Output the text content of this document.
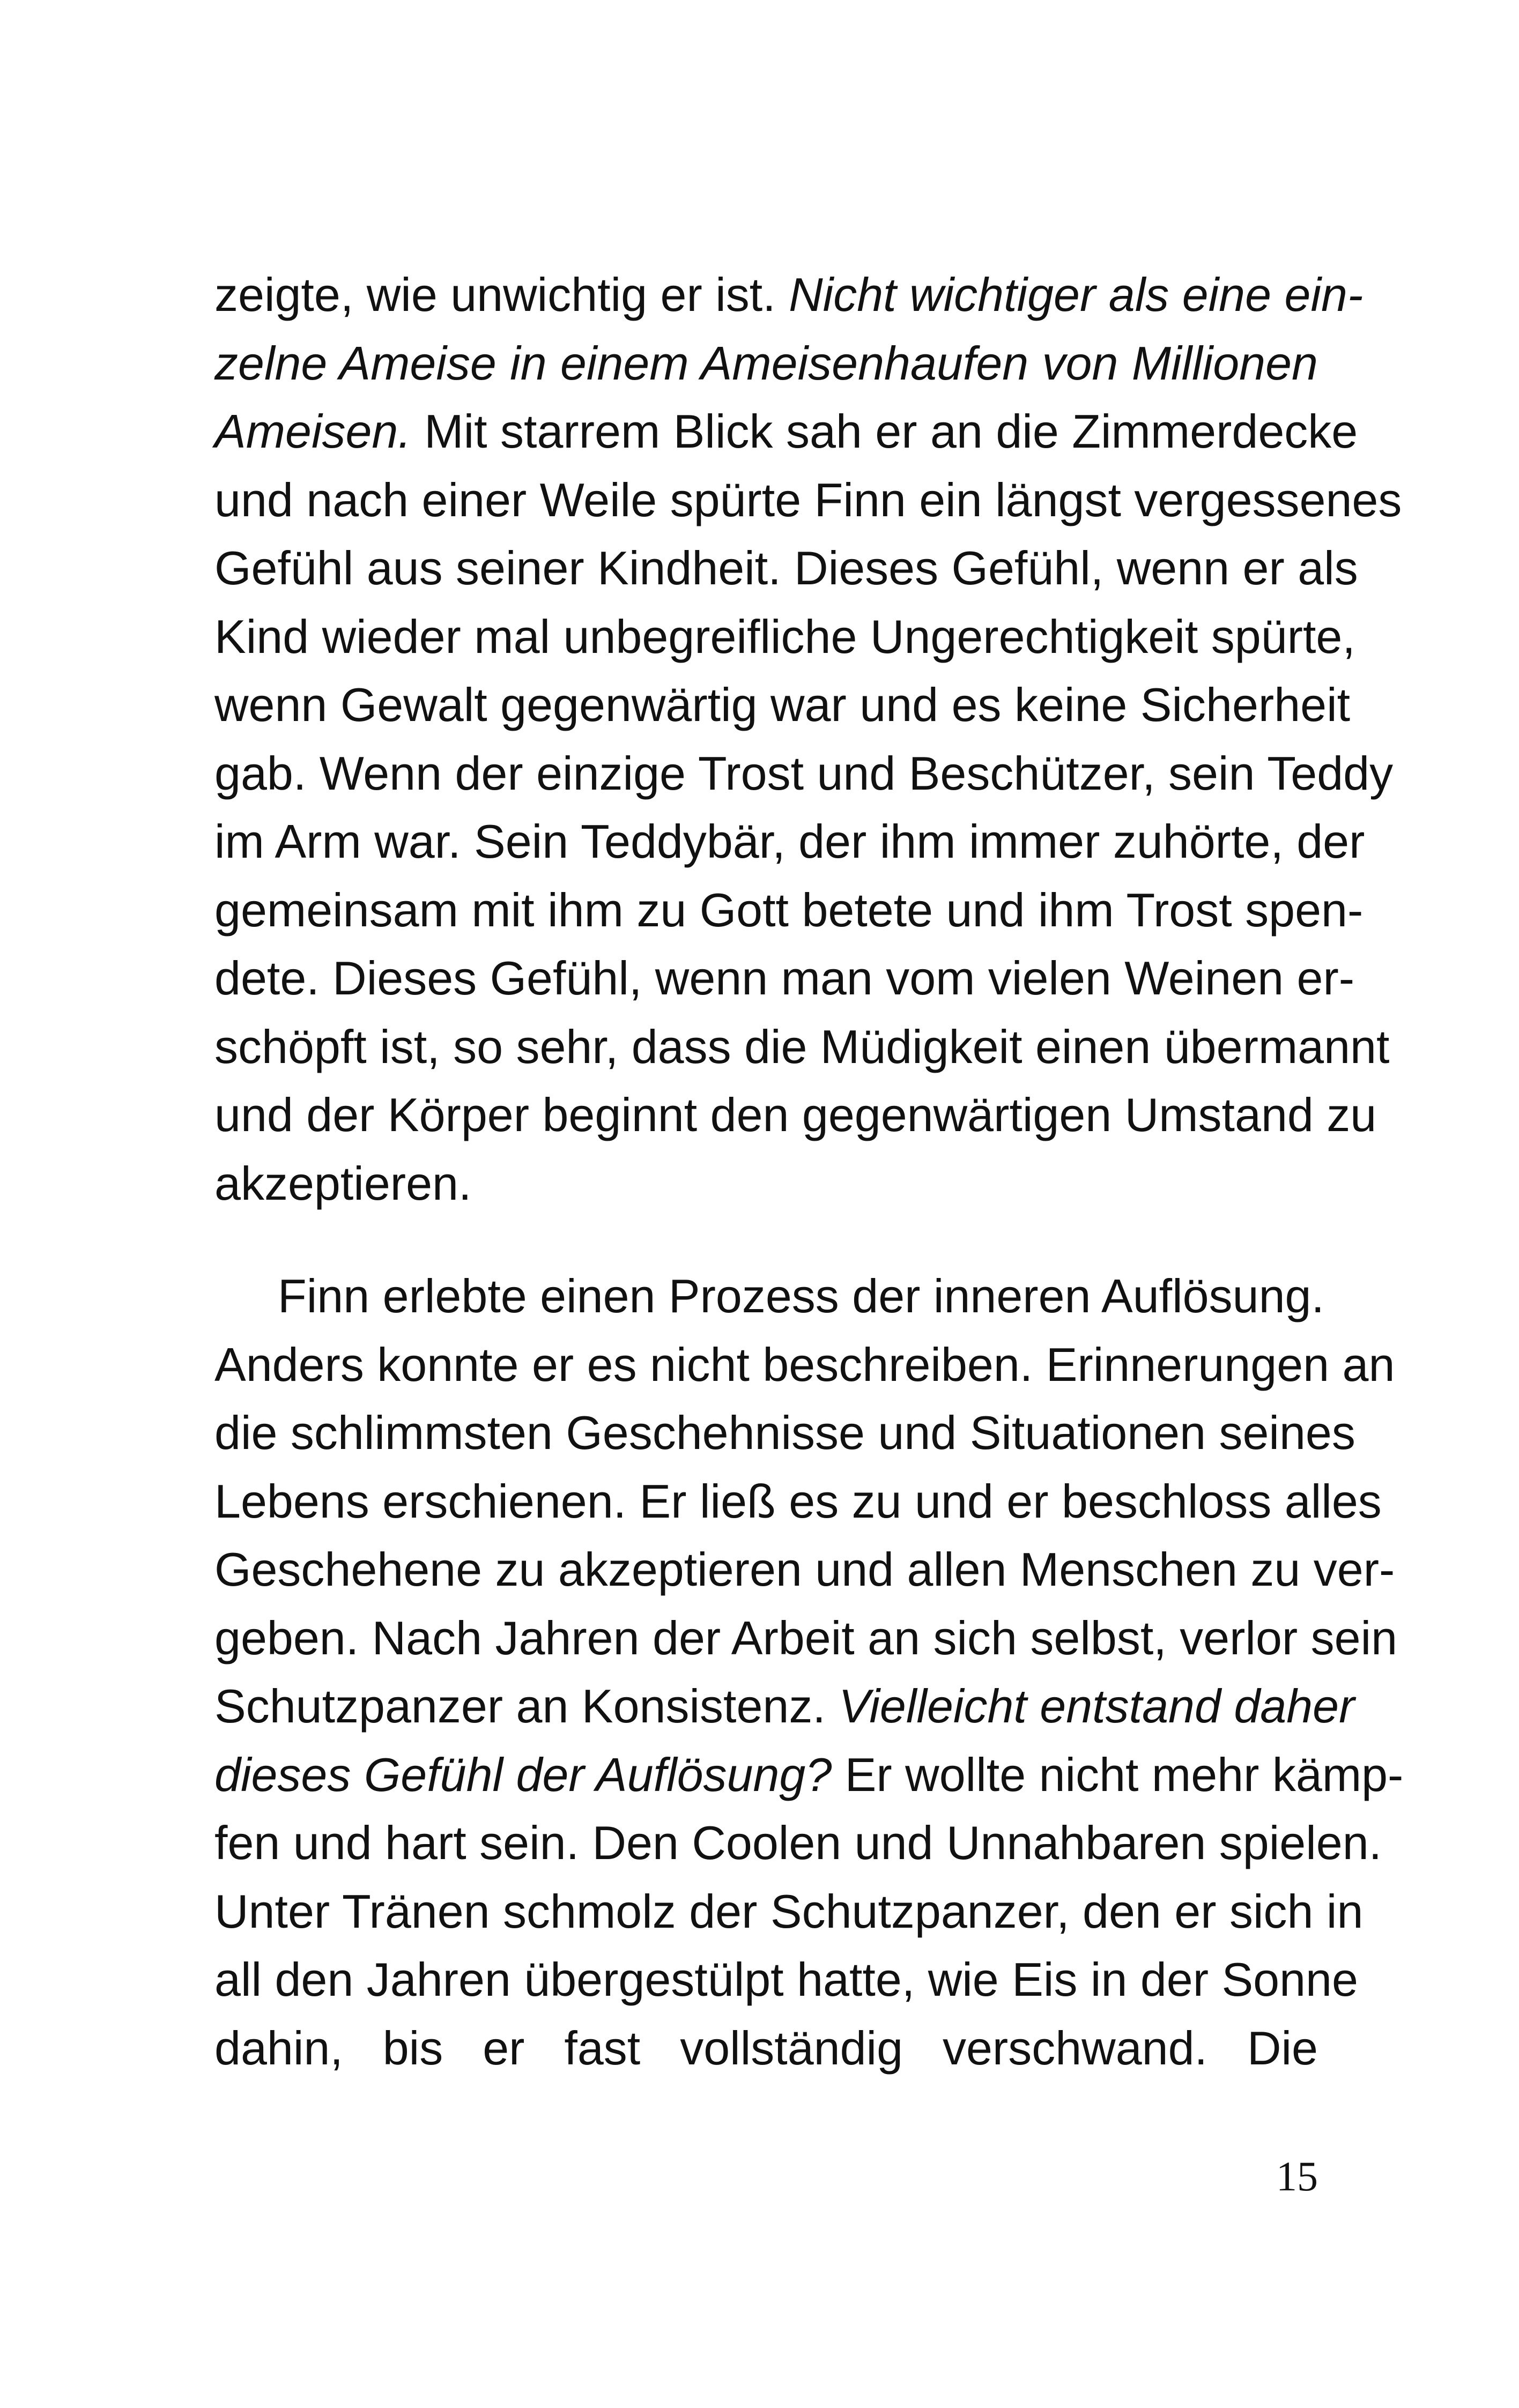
zeigte, wie unwichtig er ist. Nicht wichtiger als eine ein-
zelne Ameise in einem Ameisenhaufen von Millionen
Ameisen. Mit starrem Blick sah er an die Zimmerdecke
und nach einer Weile spürte Finn ein längst vergessenes
Gefühl aus seiner Kindheit. Dieses Gefühl, wenn er als
Kind wieder mal unbegreifliche Ungerechtigkeit spürte,
wenn Gewalt gegenwärtig war und es keine Sicherheit
gab. Wenn der einzige Trost und Beschützer, sein Teddy
im Arm war. Sein Teddybär, der ihm immer zuhörte, der
gemeinsam mit ihm zu Gott betete und ihm Trost spen-
dete. Dieses Gefühl, wenn man vom vielen Weinen er-
schöpft ist, so sehr, dass die Müdigkeit einen übermannt
und der Körper beginnt den gegenwärtigen Umstand zu
akzeptieren.
Finn erlebte einen Prozess der inneren Auflösung.
Anders konnte er es nicht beschreiben. Erinnerungen an
die schlimmsten Geschehnisse und Situationen seines
Lebens erschienen. Er ließ es zu und er beschloss alles
Geschehene zu akzeptieren und allen Menschen zu ver-
geben. Nach Jahren der Arbeit an sich selbst, verlor sein
Schutzpanzer an Konsistenz. Vielleicht entstand daher
dieses Gefühl der Auflösung? Er wollte nicht mehr kämp-
fen und hart sein. Den Coolen und Unnahbaren spielen.
Unter Tränen schmolz der Schutzpanzer, den er sich in
all den Jahren übergestülpt hatte, wie Eis in der Sonne
dahin, bis er fast vollständig verschwand. Die
15
